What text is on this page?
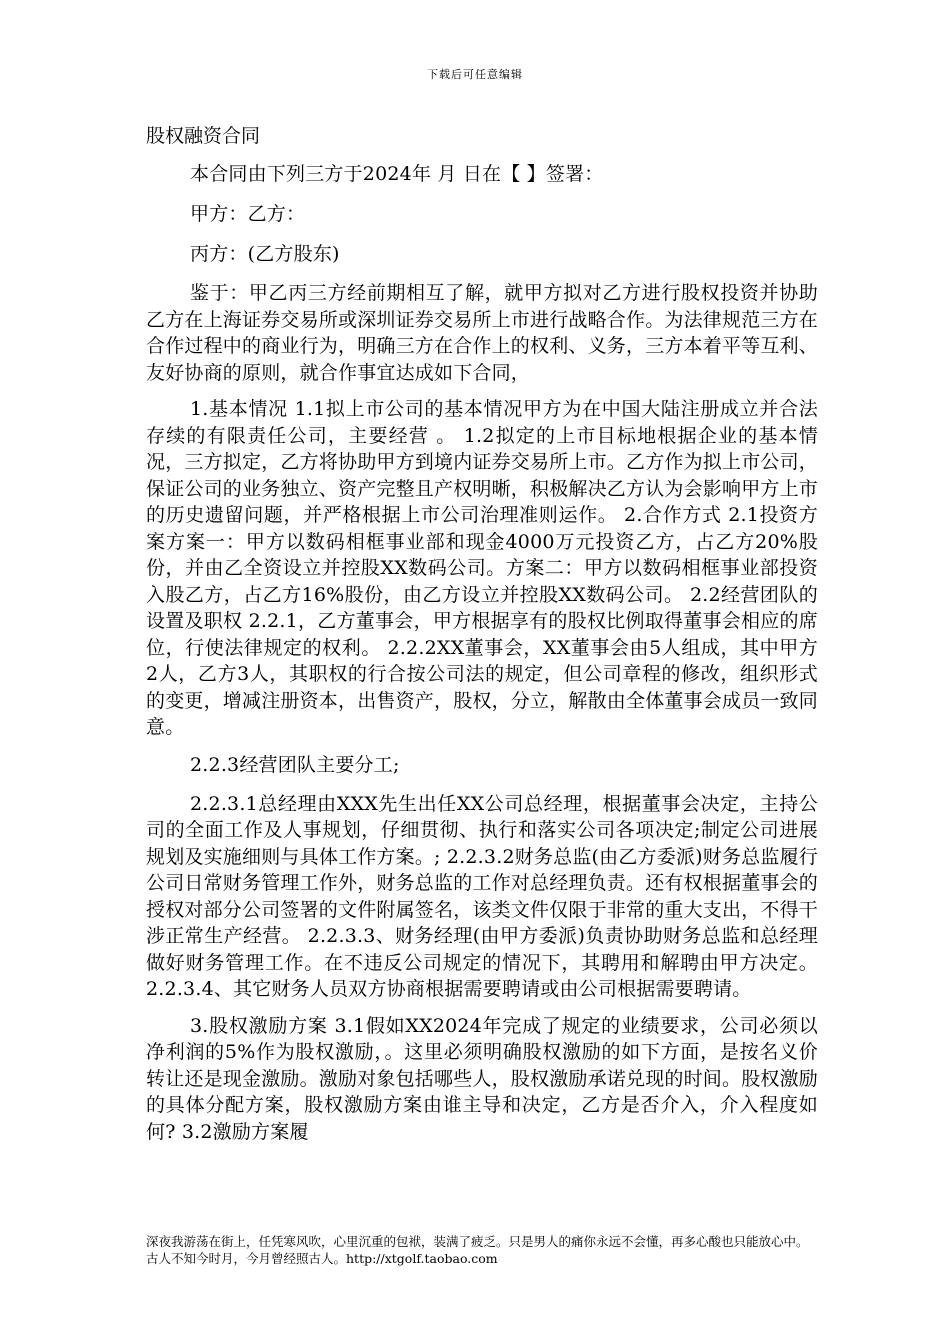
下载后可任意编辑
股权融资合同

本合同由下列三方于2024年 月 日在【 】签署：

甲方：乙方：

丙方：(乙方股东)

鉴于：甲乙丙三方经前期相互了解，就甲方拟对乙方进行股权投资并协助乙方在上海证券交易所或深圳证券交易所上市进行战略合作。为法律规范三方在合作过程中的商业行为，明确三方在合作上的权利、义务，三方本着平等互利、友好协商的原则，就合作事宜达成如下合同，

1.基本情况 1.1拟上市公司的基本情况甲方为在中国大陆注册成立并合法存续的有限责任公司，主要经营 。 1.2拟定的上市目标地根据企业的基本情况，三方拟定，乙方将协助甲方到境内证券交易所上市。乙方作为拟上市公司，保证公司的业务独立、资产完整且产权明晰，积极解决乙方认为会影响甲方上市的历史遗留问题，并严格根据上市公司治理准则运作。 2.合作方式 2.1投资方案方案一：甲方以数码相框事业部和现金4000万元投资乙方，占乙方20%股份，并由乙全资设立并控股XX数码公司。方案二：甲方以数码相框事业部投资入股乙方，占乙方16%股份，由乙方设立并控股XX数码公司。 2.2经营团队的设置及职权 2.2.1，乙方董事会，甲方根据享有的股权比例取得董事会相应的席位，行使法律规定的权利。 2.2.2XX董事会，XX董事会由5人组成，其中甲方2人，乙方3人，其职权的行合按公司法的规定，但公司章程的修改，组织形式的变更，增减注册资本，出售资产，股权，分立，解散由全体董事会成员一致同意。

2.2.3经营团队主要分工;

2.2.3.1总经理由XXX先生出任XX公司总经理，根据董事会决定，主持公司的全面工作及人事规划，仔细贯彻、执行和落实公司各项决定;制定公司进展规划及实施细则与具体工作方案。; 2.2.3.2财务总监(由乙方委派)财务总监履行公司日常财务管理工作外，财务总监的工作对总经理负责。还有权根据董事会的授权对部分公司签署的文件附属签名，该类文件仅限于非常的重大支出，不得干涉正常生产经营。 2.2.3.3、财务经理(由甲方委派)负责协助财务总监和总经理做好财务管理工作。在不违反公司规定的情况下，其聘用和解聘由甲方决定。 2.2.3.4、其它财务人员双方协商根据需要聘请或由公司根据需要聘请。

3.股权激励方案 3.1假如XX2024年完成了规定的业绩要求，公司必须以净利润的5%作为股权激励，。这里必须明确股权激励的如下方面，是按名义价转让还是现金激励。激励对象包括哪些人，股权激励承诺兑现的时间。股权激励的具体分配方案，股权激励方案由谁主导和决定，乙方是否介入，介入程度如何? 3.2激励方案履

深夜我游荡在街上，任凭寒风吹，心里沉重的包袱，装满了疲乏。只是男人的痛你永远不会懂，再多心酸也只能放心中。古人不知今时月，今月曾经照古人。http://xtgolf.taobao.com
